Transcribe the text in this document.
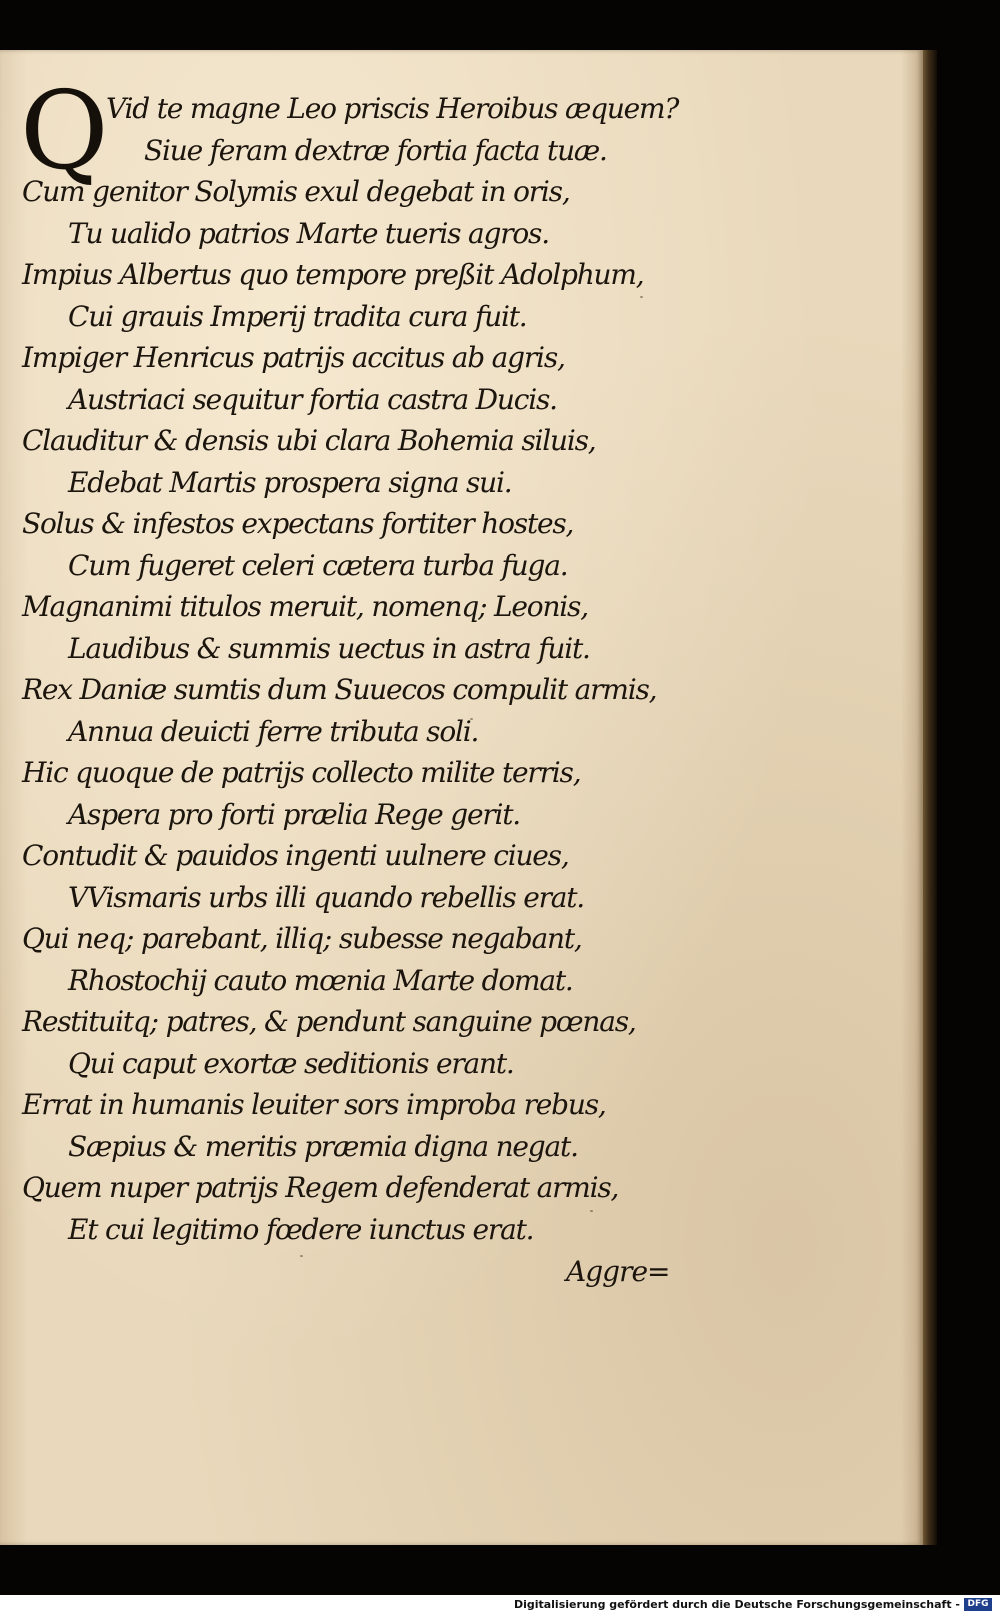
Q
Vid te magne Leo priscis Heroibus æquem?
Siue feram dextræ fortia facta tuæ.
Cum genitor Solymis exul degebat in oris,
Tu ualido patrios Marte tueris agros.
Impius Albertus quo tempore preßit Adolphum,
Cui grauis Imperij tradita cura fuit.
Impiger Henricus patrijs accitus ab agris,
Austriaci sequitur fortia castra Ducis.
Clauditur & densis ubi clara Bohemia siluis,
Edebat Martis prospera signa sui.
Solus & infestos expectans fortiter hostes,
Cum fugeret celeri cætera turba fuga.
Magnanimi titulos meruit, nomenq; Leonis,
Laudibus & summis uectus in astra fuit.
Rex Daniæ sumtis dum Suuecos compulit armis,
Annua deuicti ferre tributa soli.
Hic quoque de patrijs collecto milite terris,
Aspera pro forti prælia Rege gerit.
Contudit & pauidos ingenti uulnere ciues,
VVismaris urbs illi quando rebellis erat.
Qui neq; parebant, illiq; subesse negabant,
Rhostochij cauto mœnia Marte domat.
Restituitq; patres, & pendunt sanguine pœnas,
Qui caput exortæ seditionis erant.
Errat in humanis leuiter sors improba rebus,
Sæpius & meritis præmia digna negat.
Quem nuper patrijs Regem defenderat armis,
Et cui legitimo fœdere iunctus erat.
Aggre=
Digitalisierung gefördert durch die Deutsche Forschungsgemeinschaft - DFG
